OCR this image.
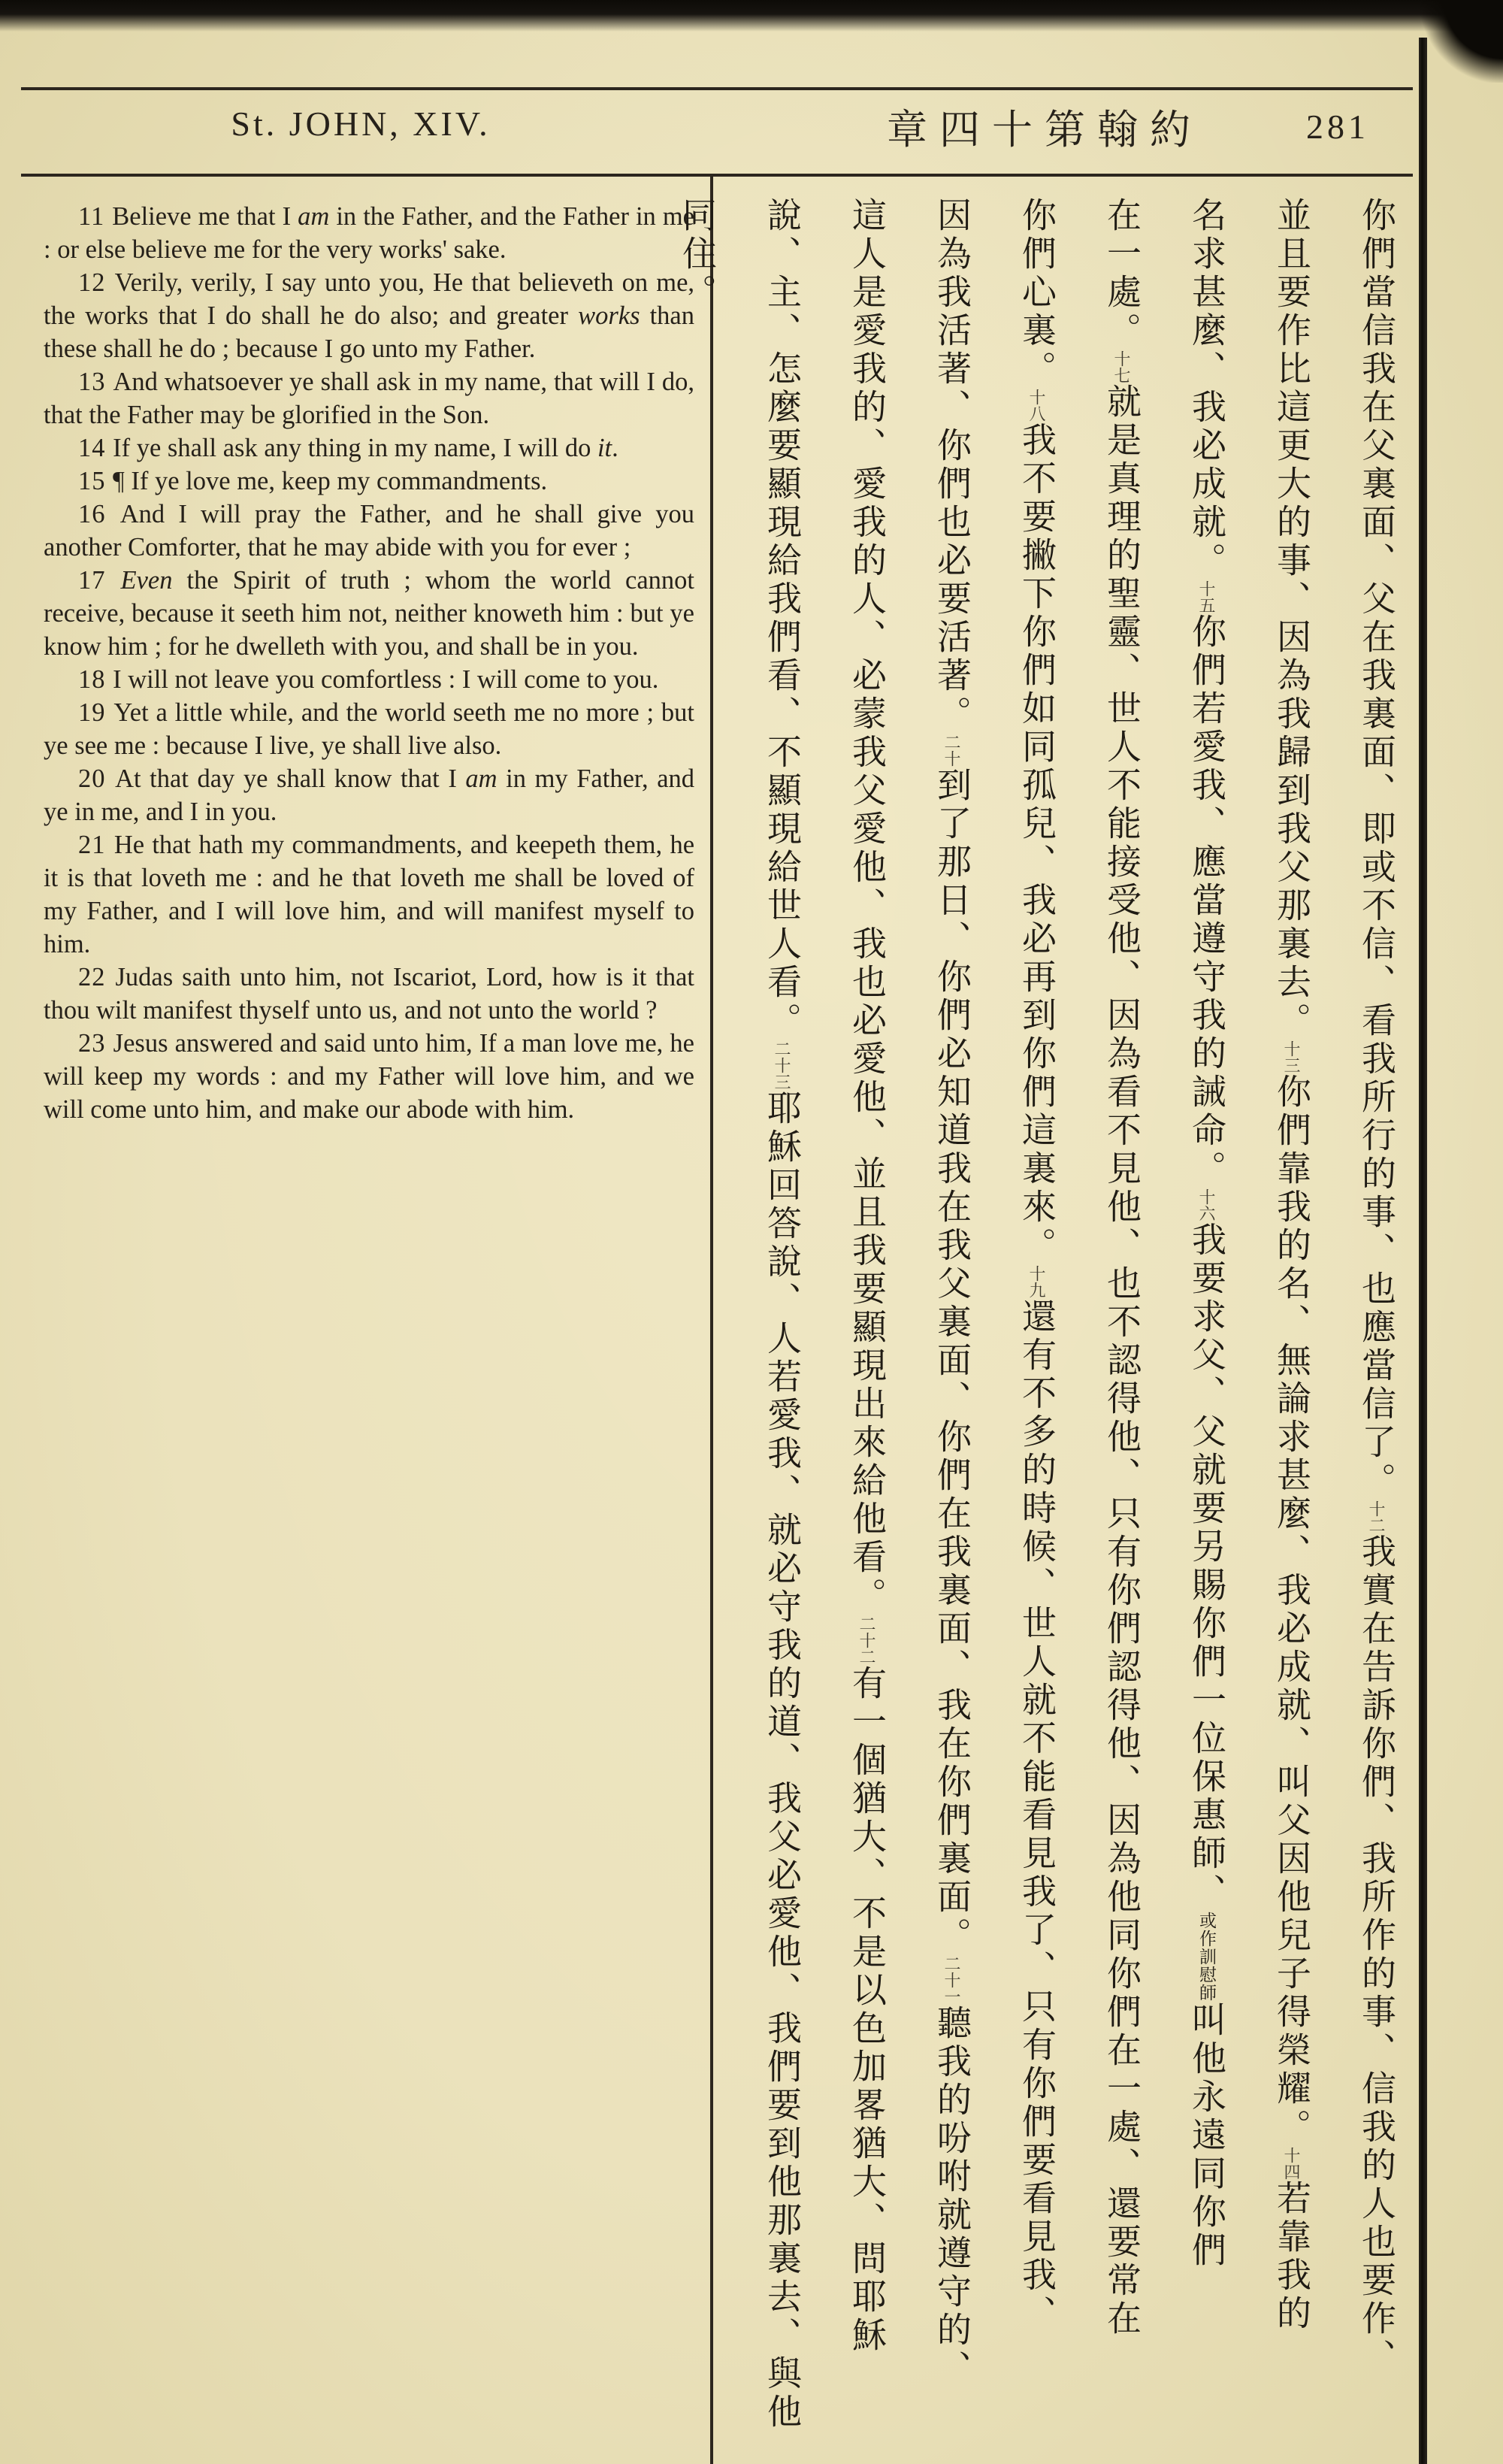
St. JOHN, XIV.	章四十第翰約	281

11 Believe me that I am in the Father, and the Father in me : or else believe me for the very works' sake.

12 Verily, verily, I say unto you, He that believeth on me, the works that I do shall he do also; and greater works than these shall he do ; because I go unto my Father.

13 And whatsoever ye shall ask in my name, that will I do, that the Father may be glorified in the Son.

14 If ye shall ask any thing in my name, I will do it.

15 ¶ If ye love me, keep my commandments.

16 And I will pray the Father, and he shall give you another Comforter, that he may abide with you for ever ;

17 Even the Spirit of truth ; whom the world cannot receive, because it seeth him not, neither knoweth him : but ye know him ; for he dwelleth with you, and shall be in you.

18 I will not leave you comfortless : I will come to you.

19 Yet a little while, and the world seeth me no more ; but ye see me : because I live, ye shall live also.

20 At that day ye shall know that I am in my Father, and ye in me, and I in you.

21 He that hath my commandments, and keepeth them, he it is that loveth me : and he that loveth me shall be loved of my Father, and I will love him, and will manifest myself to him.

22 Judas saith unto him, not Iscariot, Lord, how is it that thou wilt manifest thyself unto us, and not unto the world ?

23 Jesus answered and said unto him, If a man love me, he will keep my words : and my Father will love him, and we will come unto him, and make our abode with him.	你們當信我在父裏面、父在我裏面、即或不信、看我所行的事、也應當信了。十二我實在告訴你們、我所作的事、信我的人也要作、
並且要作比這更大的事、因為我歸到我父那裏去。十三你們靠我的名、無論求甚麼、我必成就、叫父因他兒子得榮耀。十四若靠我的
名求甚麼、我必成就。十五你們若愛我、應當遵守我的誡命。十六我要求父、父就要另賜你們一位保惠師、或作訓慰師叫他永遠同你們
在一處。十七就是真理的聖靈、世人不能接受他、因為看不見他、也不認得他、只有你們認得他、因為他同你們在一處、還要常在
你們心裏。十八我不要撇下你們如同孤兒、我必再到你們這裏來。十九還有不多的時候、世人就不能看見我了、只有你們要看見我、
因為我活著、你們也必要活著。二十到了那日、你們必知道我在我父裏面、你們在我裏面、我在你們裏面。二十一聽我的吩咐就遵守的、
這人是愛我的、愛我的人、必蒙我父愛他、我也必愛他、並且我要顯現出來給他看。二十二有一個猶大、不是以色加畧猶大、問耶穌
說、主、怎麼要顯現給我們看、不顯現給世人看。二十三耶穌回答說、人若愛我、就必守我的道、我父必愛他、我們要到他那裏去、與他
同住。
